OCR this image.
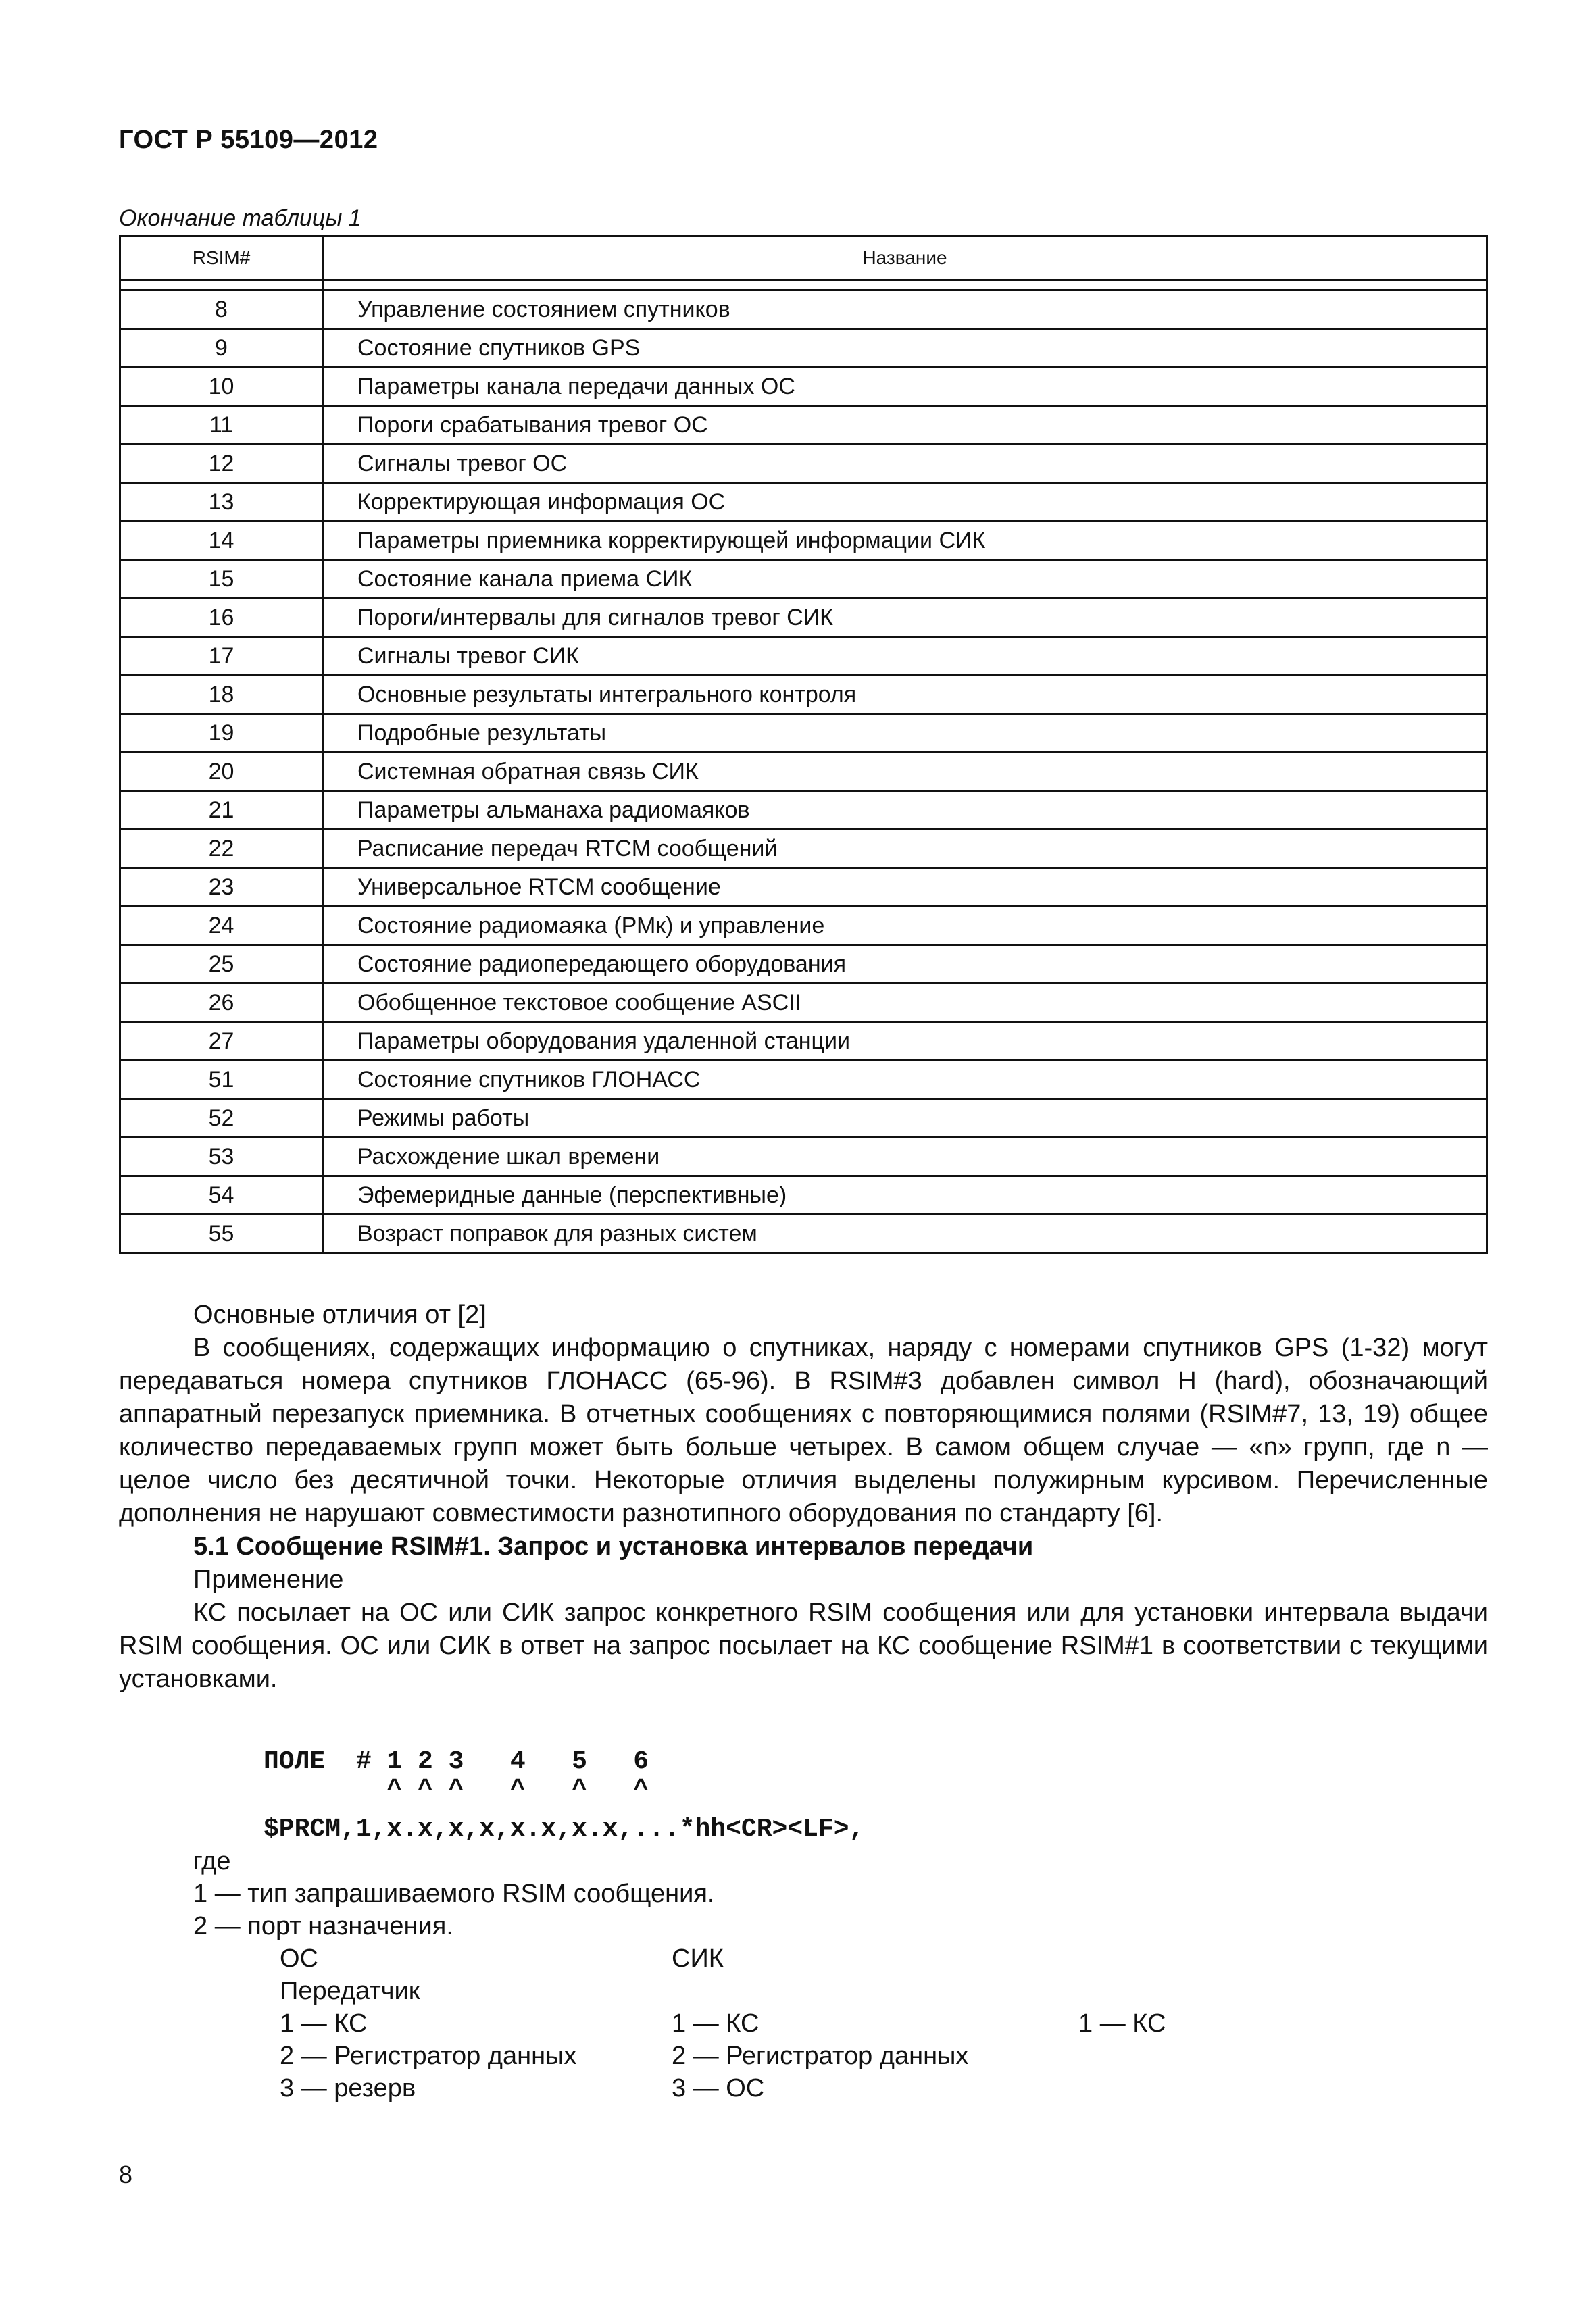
ГОСТ Р 55109—2012
Окончание таблицы 1
RSIM#	Название

8	Управление состоянием спутников
9	Состояние спутников GPS
10	Параметры канала передачи данных ОС
11	Пороги срабатывания тревог ОС
12	Сигналы тревог ОС
13	Корректирующая информация ОС
14	Параметры приемника корректирующей информации СИК
15	Состояние канала приема СИК
16	Пороги/интервалы для сигналов тревог СИК
17	Сигналы тревог СИК
18	Основные результаты интегрального контроля
19	Подробные результаты
20	Системная обратная связь СИК
21	Параметры альманаха радиомаяков
22	Расписание передач RTCM сообщений
23	Универсальное RTCM сообщение
24	Состояние радиомаяка (РМк) и управление
25	Состояние радиопередающего оборудования
26	Обобщенное текстовое сообщение ASCII
27	Параметры оборудования удаленной станции
51	Состояние спутников ГЛОНАСС
52	Режимы работы
53	Расхождение шкал времени
54	Эфемеридные данные (перспективные)
55	Возраст поправок для разных систем

Основные отличия от [2]

В сообщениях, содержащих информацию о спутниках, наряду с номерами спутников GPS (1-32) могут передаваться номера спутников ГЛОНАСС (65-96). В RSIM#3 добавлен символ Н (hard), обозначающий аппаратный перезапуск приемника. В отчетных сообщениях с повторяющимися полями (RSIM#7, 13, 19) общее количество передаваемых групп может быть больше четырех. В самом общем случае — «n» групп, где n — целое число без десятичной точки. Некоторые отличия выделены полужирным курсивом. Перечисленные дополнения не нарушают совместимости разнотипного оборудования по стандарту [6].

5.1 Сообщение RSIM#1. Запрос и установка интервалов передачи

Применение

КС посылает на ОС или СИК запрос конкретного RSIM сообщения или для установки интервала выдачи RSIM сообщения. ОС или СИК в ответ на запрос посылает на КС сообщение RSIM#1 в соответствии с текущими установками.

ПОЛЕ  # 1 2 3   4   5   6
^ ^ ^   ^   ^   ^
$PRCM,1,x.x,x,x,x.x,x.x,...*hh<CR><LF>,
где
1 — тип запрашиваемого RSIM сообщения.
2 — порт назначения.
ОС	СИК
Передатчик
1 — КС	1 — КС	1 — КС
2 — Регистратор данных	2 — Регистратор данных
3 — резерв	3 — ОС
8
